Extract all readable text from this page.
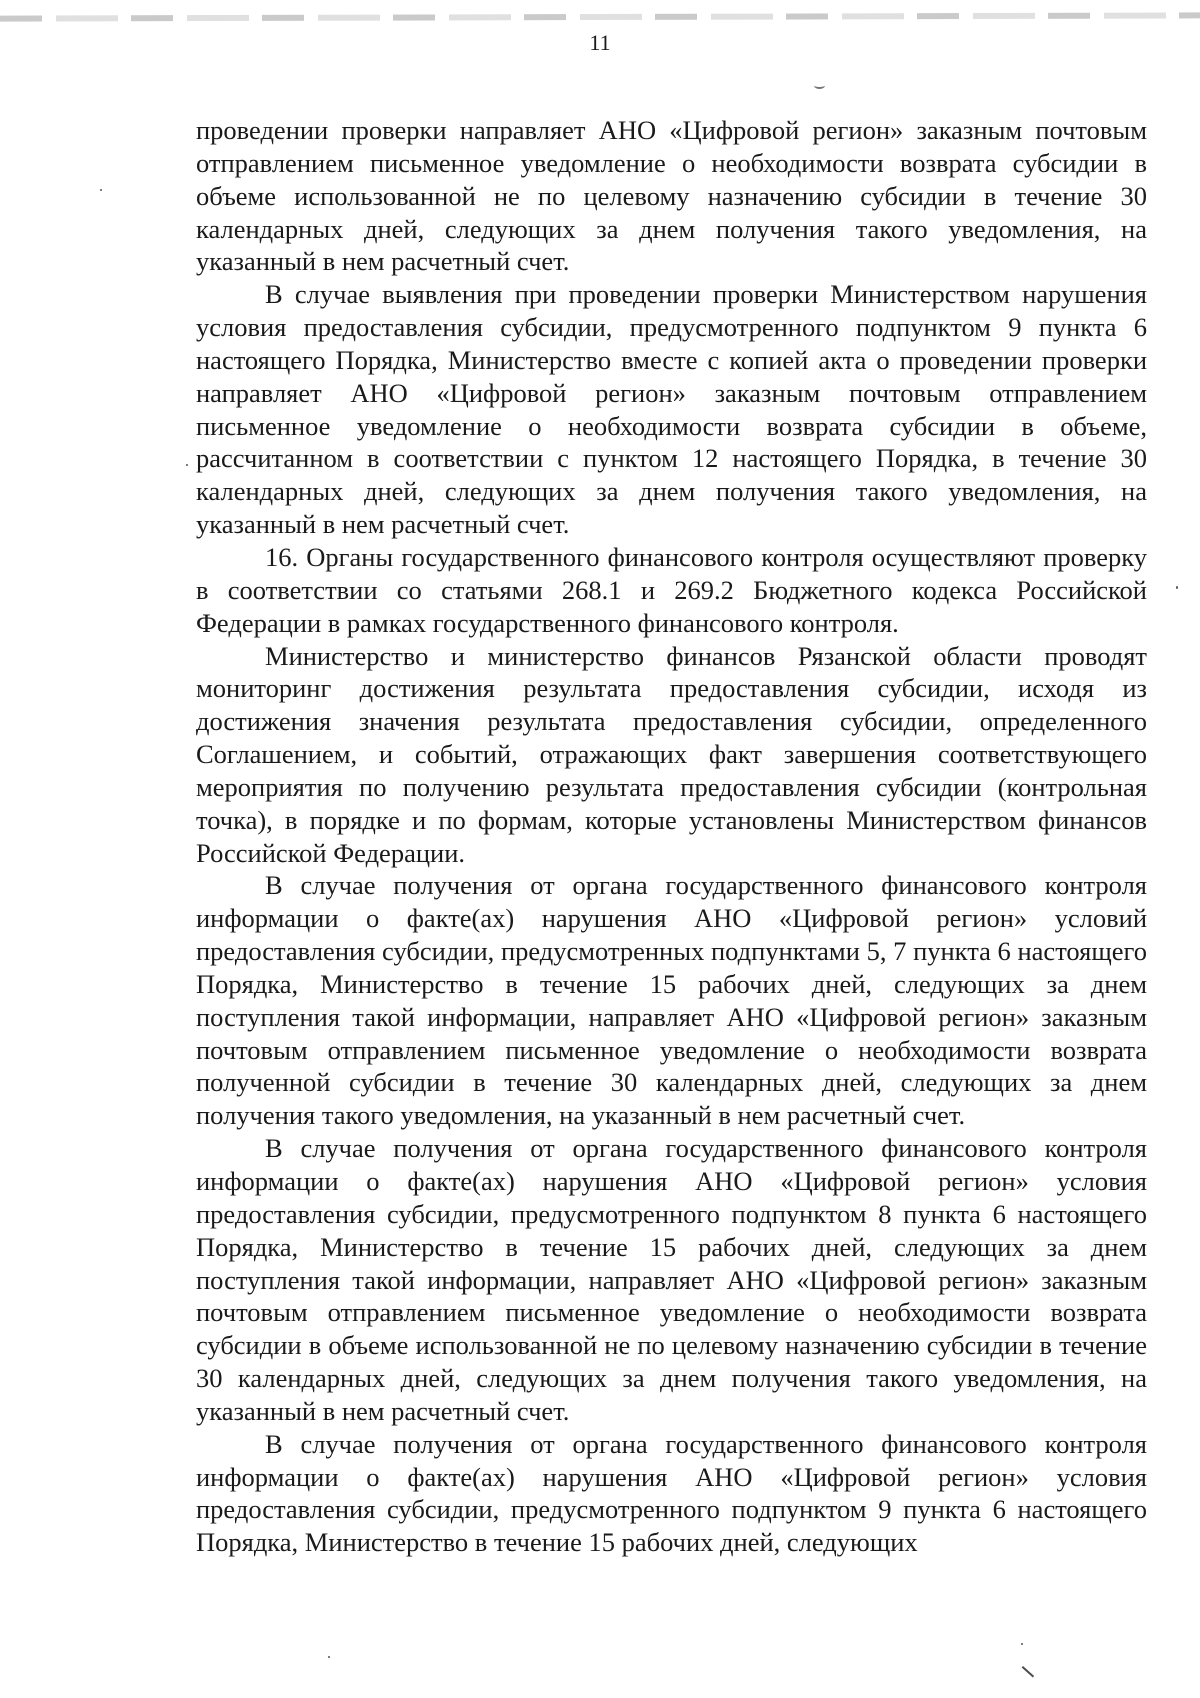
11

проведении проверки направляет АНО «Цифровой регион» заказным почтовым отправлением письменное уведомление о необходимости возврата субсидии в объеме использованной не по целевому назначению субсидии в течение 30 календарных дней, следующих за днем получения такого уведомления, на указанный в нем расчетный счет.

В случае выявления при проведении проверки Министерством нарушения условия предоставления субсидии, предусмотренного подпунктом 9 пункта 6 настоящего Порядка, Министерство вместе с копией акта о проведении проверки направляет АНО «Цифровой регион» заказным почтовым отправлением письменное уведомление о необходимости возврата субсидии в объеме, рассчитанном в соответствии с пунктом 12 настоящего Порядка, в течение 30 календарных дней, следующих за днем получения такого уведомления, на указанный в нем расчетный счет.

16. Органы государственного финансового контроля осуществляют проверку в соответствии со статьями 268.1 и 269.2 Бюджетного кодекса Российской Федерации в рамках государственного финансового контроля.

Министерство и министерство финансов Рязанской области проводят мониторинг достижения результата предоставления субсидии, исходя из достижения значения результата предоставления субсидии, определенного Соглашением, и событий, отражающих факт завершения соответствующего мероприятия по получению результата предоставления субсидии (контрольная точка), в порядке и по формам, которые установлены Министерством финансов Российской Федерации.

В случае получения от органа государственного финансового контроля информации о факте(ах) нарушения АНО «Цифровой регион» условий предоставления субсидии, предусмотренных подпунктами 5, 7 пункта 6 настоящего Порядка, Министерство в течение 15 рабочих дней, следующих за днем поступления такой информации, направляет АНО «Цифровой регион» заказным почтовым отправлением письменное уведомление о необходимости возврата полученной субсидии в течение 30 календарных дней, следующих за днем получения такого уведомления, на указанный в нем расчетный счет.

В случае получения от органа государственного финансового контроля информации о факте(ах) нарушения АНО «Цифровой регион» условия предоставления субсидии, предусмотренного подпунктом 8 пункта 6 настоящего Порядка, Министерство в течение 15 рабочих дней, следующих за днем поступления такой информации, направляет АНО «Цифровой регион» заказным почтовым отправлением письменное уведомление о необходимости возврата субсидии в объеме использованной не по целевому назначению субсидии в течение 30 календарных дней, следующих за днем получения такого уведомления, на указанный в нем расчетный счет.

В случае получения от органа государственного финансового контроля информации о факте(ах) нарушения АНО «Цифровой регион» условия предоставления субсидии, предусмотренного подпунктом 9 пункта 6 настоящего Порядка, Министерство в течение 15 рабочих дней, следующих
